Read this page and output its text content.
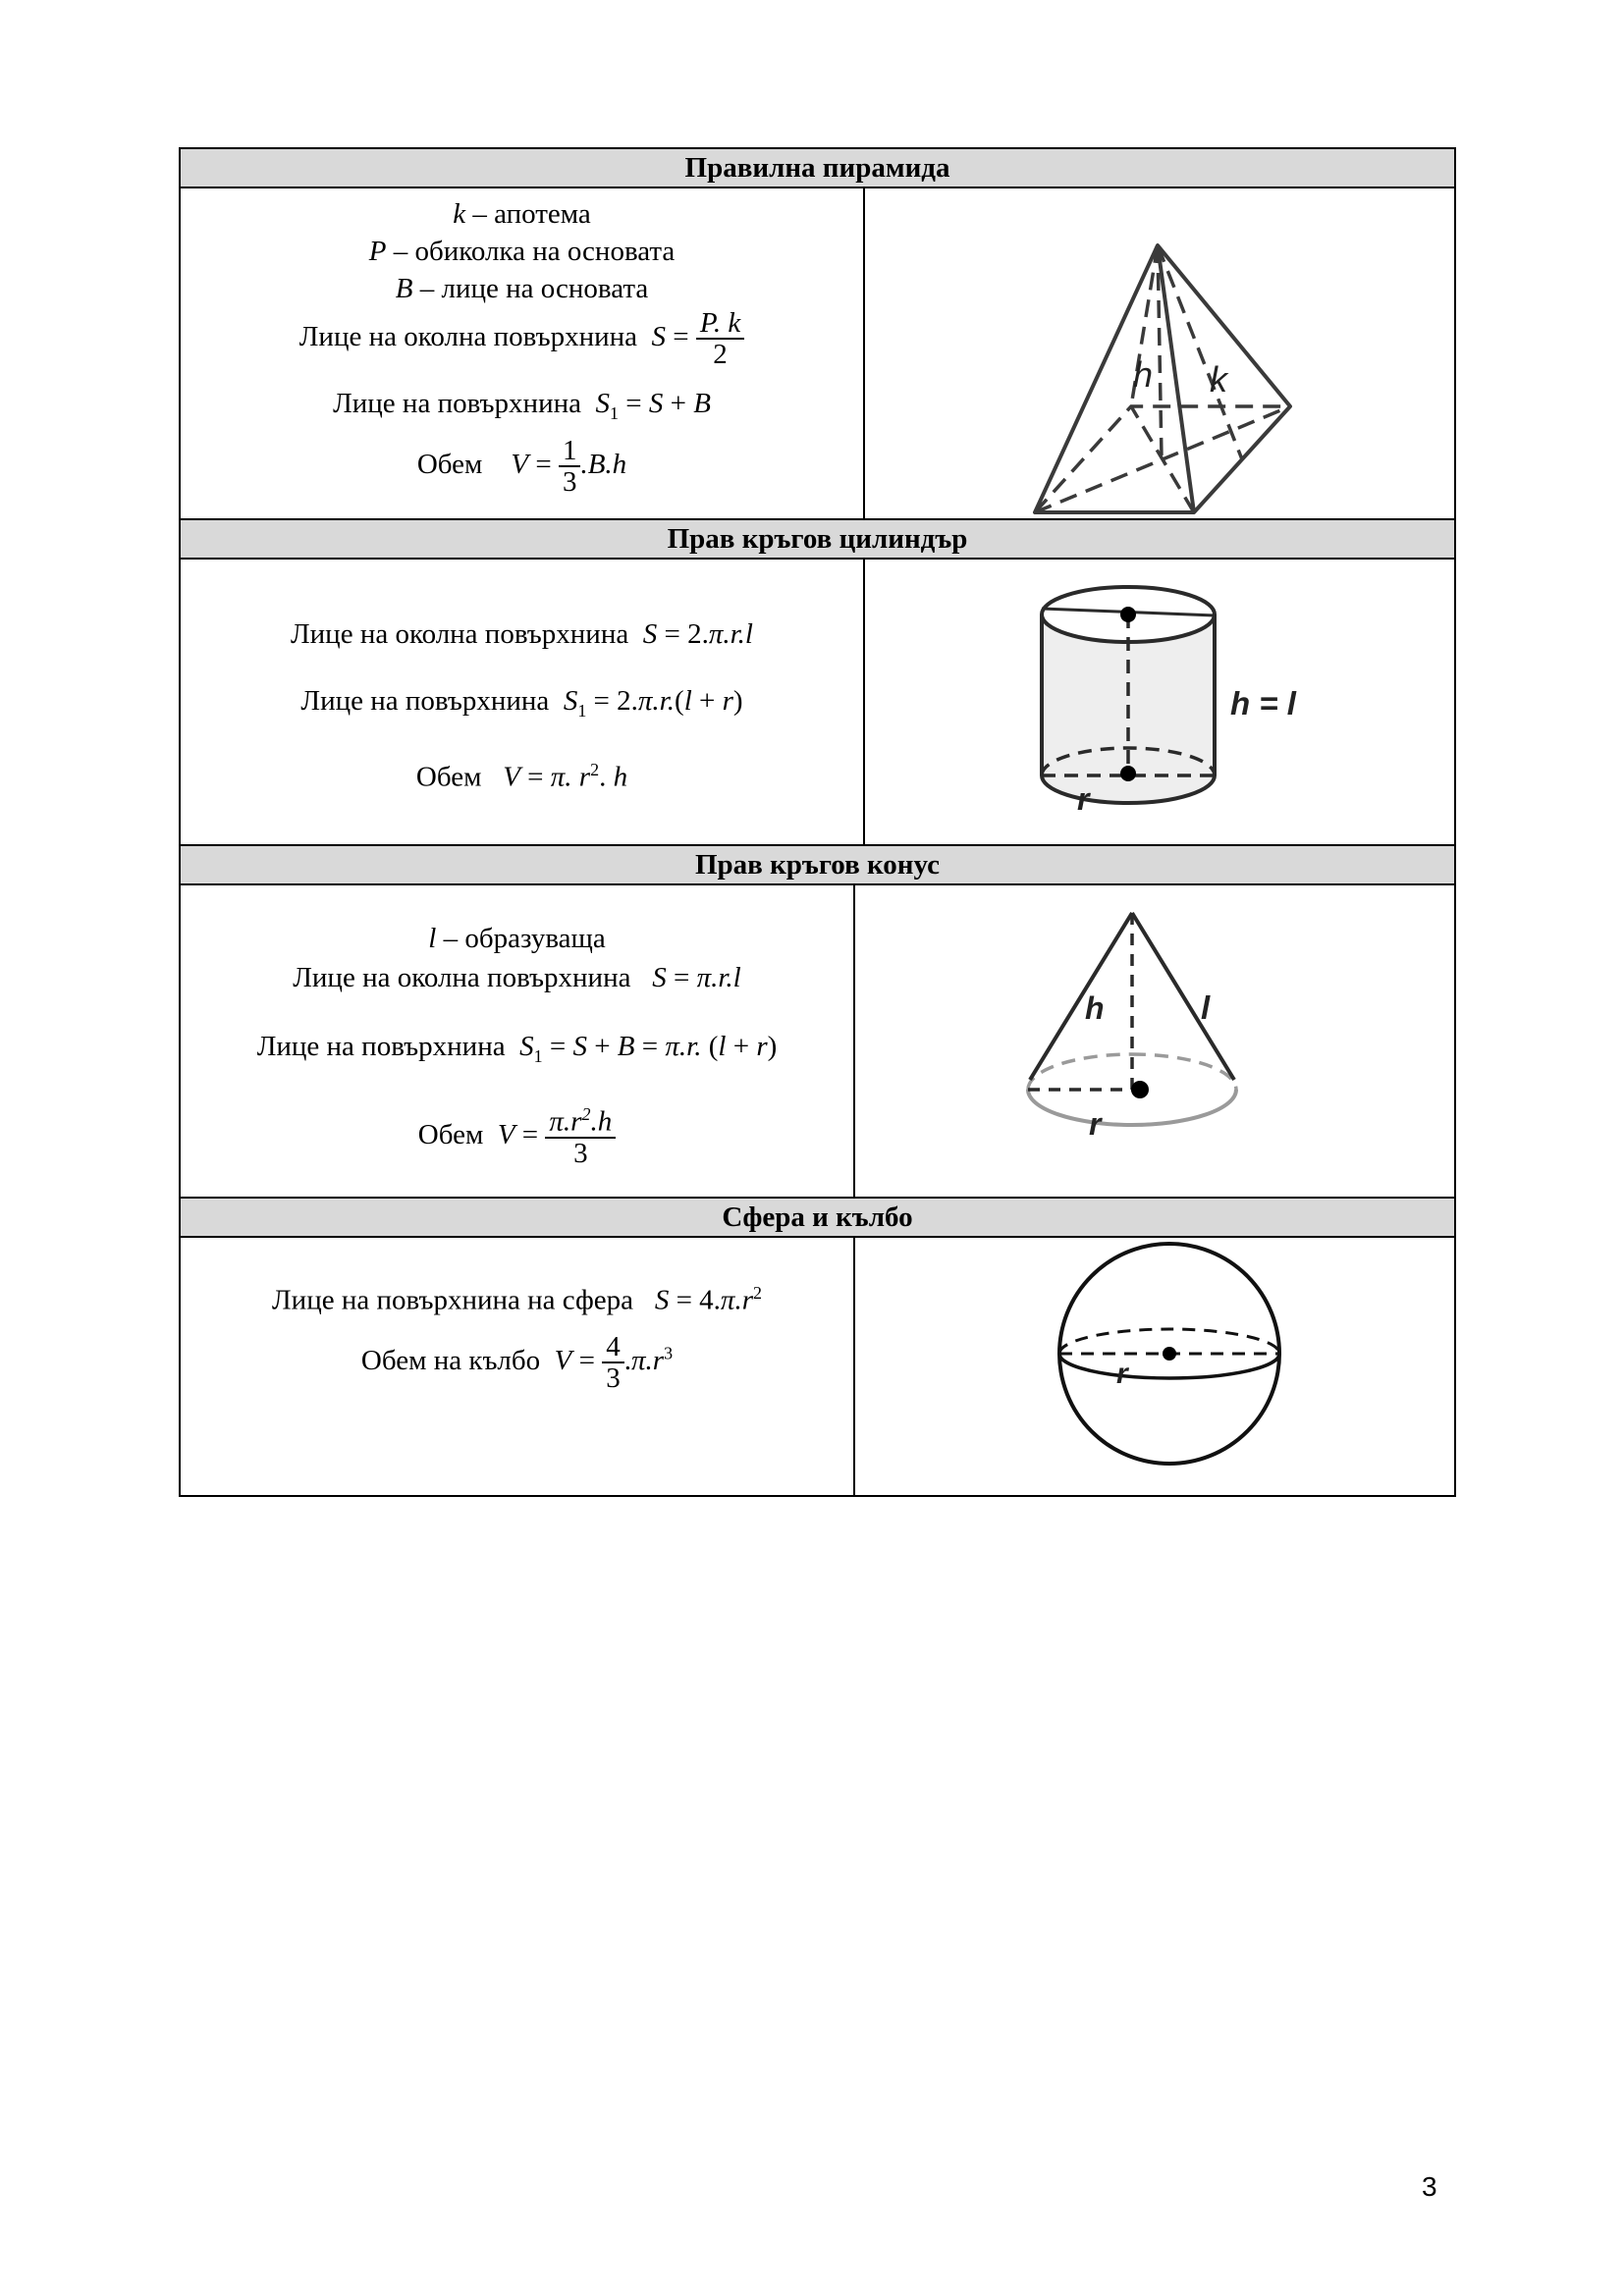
Правилна пирамида
k – апотема
P – обиколка на основата
B – лице на основата
Лице на околна повърхнина $S = \frac{P. k}{2}$
Лице на повърхнина $S_1 = S + B$
Обем $V = \frac{1}{3} .B.h$
h k
Прав кръгов цилиндър
Лице на околна повърхнина S = 2.π.r.l
Лице на повърхнина $S_1 = 2.\pi.r.(l + r)$
Обем V = π. $r^2$. h
r
h = l
Прав кръгов конус
l – образуваща
Лице на околна повърхнина S = π.r.l
Лице на повърхнина $S_1 = S + B = \pi.r$. (l + r)
Обем $V = \frac{\pi.r^2.h}{3}$
h	l
r
Сфера и кълбо
Лице на повърхнина на сфера $S = 4.\pi.r^2$
Обем на кълбо $V = \frac{4}{3} .\pi.r^3$
r
3
